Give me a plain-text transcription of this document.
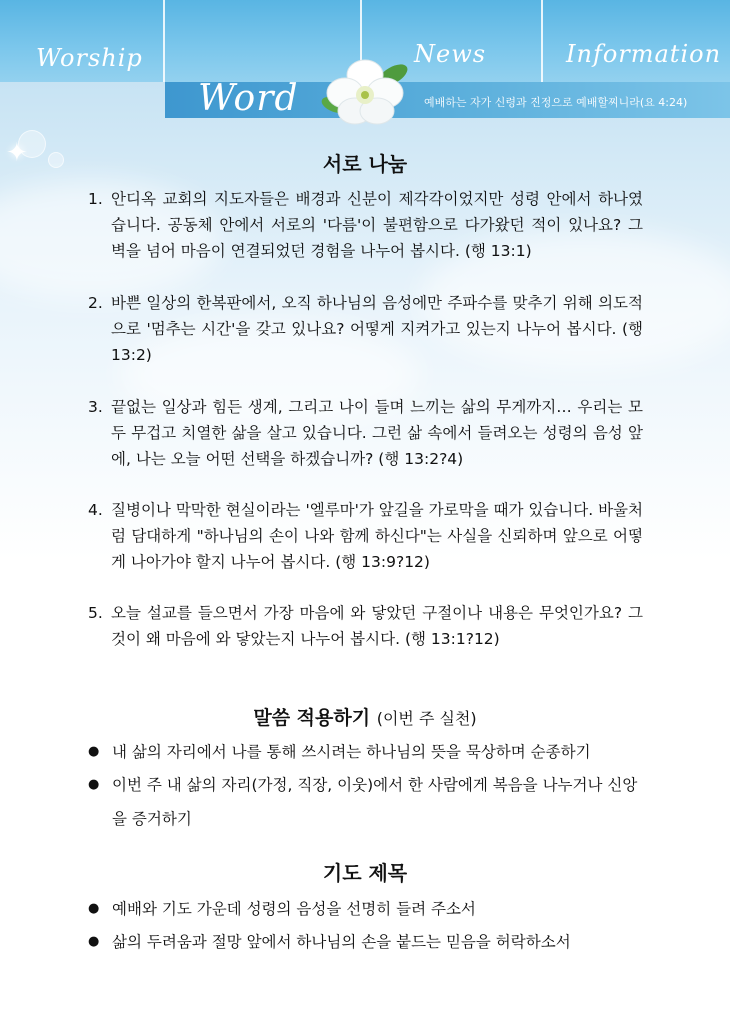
✦
Worship	News	Information
Word	예배하는 자가 신령과 진정으로 예배할찌니라(요 4:24)
서로 나눔

1. 안디옥 교회의 지도자들은 배경과 신분이 제각각이었지만 성령 안에서 하나였습니다. 공동체 안에서 서로의 '다름'이 불편함으로 다가왔던 적이 있나요? 그 벽을 넘어 마음이 연결되었던 경험을 나누어 봅시다. (행 13:1)

2. 바쁜 일상의 한복판에서, 오직 하나님의 음성에만 주파수를 맞추기 위해 의도적으로 '멈추는 시간'을 갖고 있나요? 어떻게 지켜가고 있는지 나누어 봅시다. (행 13:2)

3. 끝없는 일상과 힘든 생계, 그리고 나이 들며 느끼는 삶의 무게까지… 우리는 모두 무겁고 치열한 삶을 살고 있습니다. 그런 삶 속에서 들려오는 성령의 음성 앞에, 나는 오늘 어떤 선택을 하겠습니까? (행 13:2?4)

4. 질병이나 막막한 현실이라는 '엘루마'가 앞길을 가로막을 때가 있습니다. 바울처럼 담대하게 "하나님의 손이 나와 함께 하신다"는 사실을 신뢰하며 앞으로 어떻게 나아가야 할지 나누어 봅시다. (행 13:9?12)

5. 오늘 설교를 들으면서 가장 마음에 와 닿았던 구절이나 내용은 무엇인가요? 그것이 왜 마음에 와 닿았는지 나누어 봅시다. (행 13:1?12)

말씀 적용하기 (이번 주 실천)

● 내 삶의 자리에서 나를 통해 쓰시려는 하나님의 뜻을 묵상하며 순종하기

● 이번 주 내 삶의 자리(가정, 직장, 이웃)에서 한 사람에게 복음을 나누거나 신앙을 증거하기

기도 제목

● 예배와 기도 가운데 성령의 음성을 선명히 들려 주소서

● 삶의 두려움과 절망 앞에서 하나님의 손을 붙드는 믿음을 허락하소서
